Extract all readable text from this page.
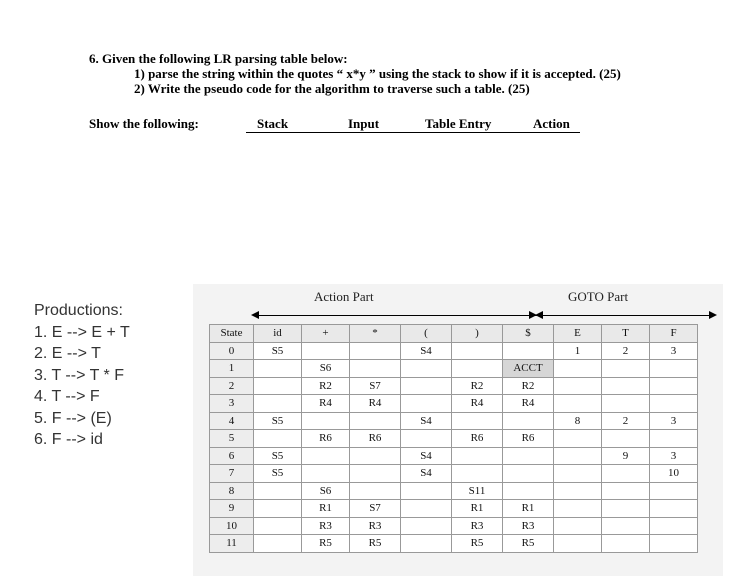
6. Given the following LR parsing table below:
1) parse the string within the quotes “ x*y ” using the stack to show if it is accepted. (25)
2) Write the pseudo code for the algorithm to traverse such a table. (25)
Show the following:	Stack	Input	Table Entry	Action
Productions:
1. E --> E + T
2. E --> T
3. T --> T * F
4. T --> F
5. F --> (E)
6. F --> id
Action Part	GOTO Part
State	id	+	*	(	)	$	E	T	F
0	S5			S4			1	2	3
1		S6				ACCT			
2		R2	S7		R2	R2			
3		R4	R4		R4	R4			
4	S5			S4			8	2	3
5		R6	R6		R6	R6			
6	S5			S4				9	3
7	S5			S4					10
8		S6			S11				
9		R1	S7		R1	R1			
10		R3	R3		R3	R3			
11		R5	R5		R5	R5			
